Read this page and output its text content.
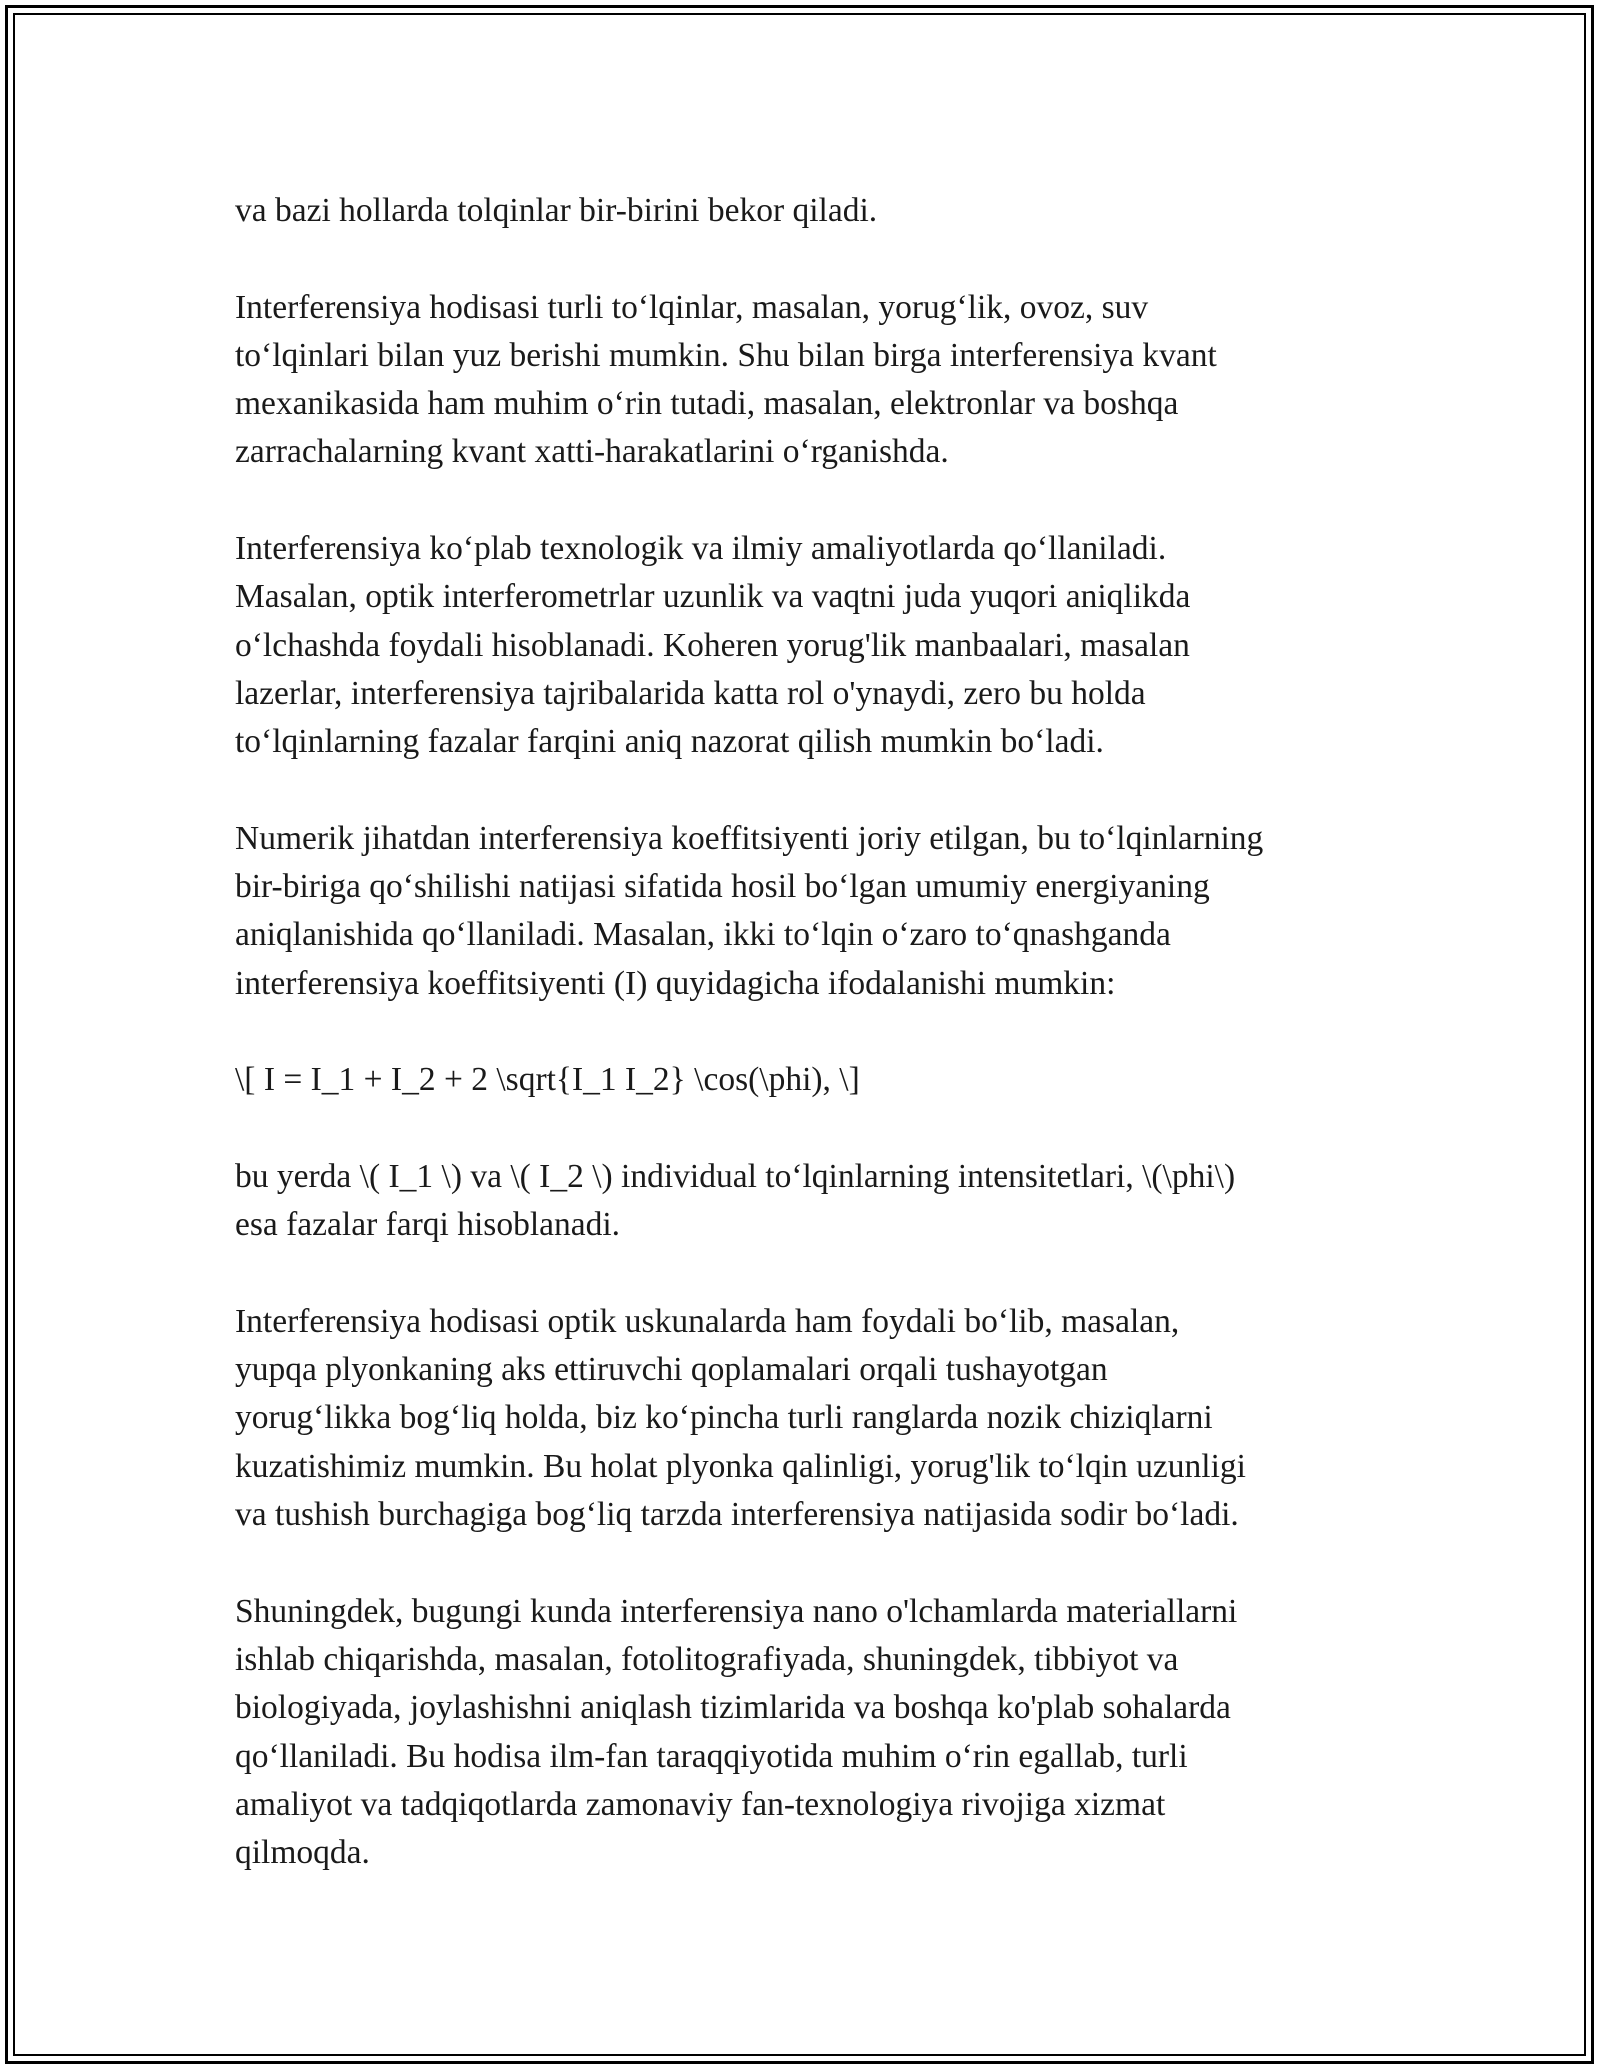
va bazi hollarda tolqinlar bir-birini bekor qiladi.

Interferensiya hodisasi turli to‘lqinlar, masalan, yorug‘lik, ovoz, suv
to‘lqinlari bilan yuz berishi mumkin. Shu bilan birga interferensiya kvant
mexanikasida ham muhim o‘rin tutadi, masalan, elektronlar va boshqa
zarrachalarning kvant xatti-harakatlarini o‘rganishda.

Interferensiya ko‘plab texnologik va ilmiy amaliyotlarda qo‘llaniladi.
Masalan, optik interferometrlar uzunlik va vaqtni juda yuqori aniqlikda
o‘lchashda foydali hisoblanadi. Koheren yorug'lik manbaalari, masalan
lazerlar, interferensiya tajribalarida katta rol o'ynaydi, zero bu holda
to‘lqinlarning fazalar farqini aniq nazorat qilish mumkin bo‘ladi.

Numerik jihatdan interferensiya koeffitsiyenti joriy etilgan, bu to‘lqinlarning
bir-biriga qo‘shilishi natijasi sifatida hosil bo‘lgan umumiy energiyaning
aniqlanishida qo‘llaniladi. Masalan, ikki to‘lqin o‘zaro to‘qnashganda
interferensiya koeffitsiyenti (I) quyidagicha ifodalanishi mumkin:

\[ I = I_1 + I_2 + 2 \sqrt{I_1 I_2} \cos(\phi), \]

bu yerda \( I_1 \) va \( I_2 \) individual to‘lqinlarning intensitetlari, \(\phi\)
esa fazalar farqi hisoblanadi.

Interferensiya hodisasi optik uskunalarda ham foydali bo‘lib, masalan,
yupqa plyonkaning aks ettiruvchi qoplamalari orqali tushayotgan
yorug‘likka bog‘liq holda, biz ko‘pincha turli ranglarda nozik chiziqlarni
kuzatishimiz mumkin. Bu holat plyonka qalinligi, yorug'lik to‘lqin uzunligi
va tushish burchagiga bog‘liq tarzda interferensiya natijasida sodir bo‘ladi.

Shuningdek, bugungi kunda interferensiya nano o'lchamlarda materiallarni
ishlab chiqarishda, masalan, fotolitografiyada, shuningdek, tibbiyot va
biologiyada, joylashishni aniqlash tizimlarida va boshqa ko'plab sohalarda
qo‘llaniladi. Bu hodisa ilm-fan taraqqiyotida muhim o‘rin egallab, turli
amaliyot va tadqiqotlarda zamonaviy fan-texnologiya rivojiga xizmat
qilmoqda.
